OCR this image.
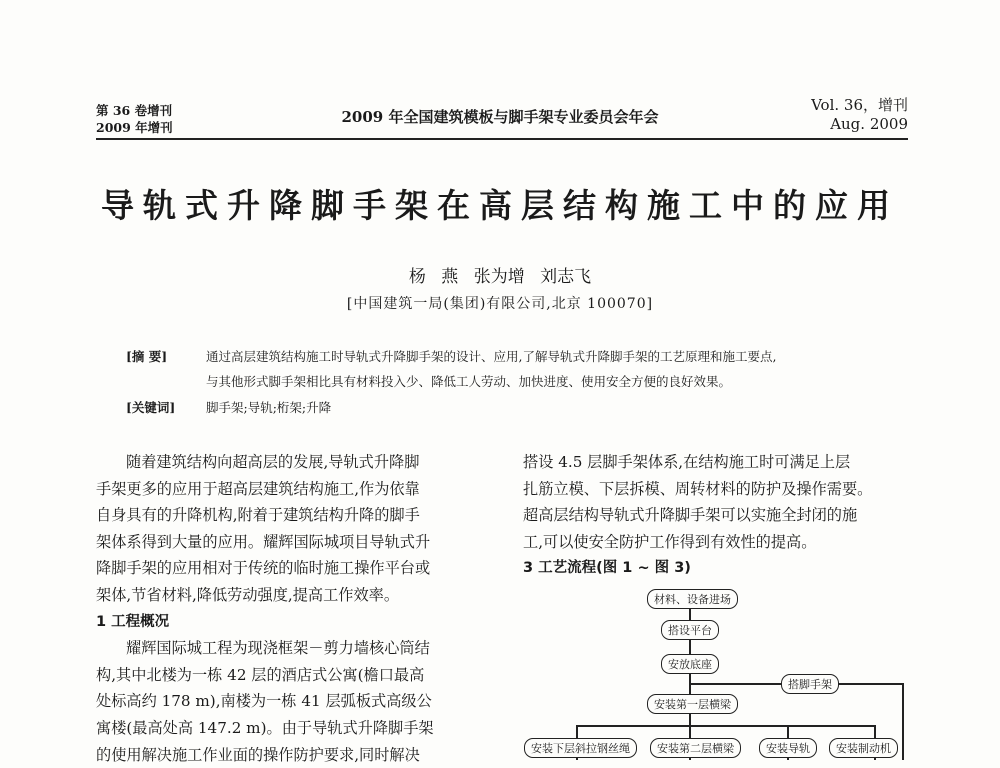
第 36 卷增刊
2009 年增刊
2009 年全国建筑模板与脚手架专业委员会年会
Vol. 36，增刊
Aug. 2009
导轨式升降脚手架在高层结构施工中的应用
杨 燕 张为增 刘志飞
[中国建筑一局(集团)有限公司,北京 100070]
[摘 要]	通过高层建筑结构施工时导轨式升降脚手架的设计、应用,了解导轨式升降脚手架的工艺原理和施工要点,
与其他形式脚手架相比具有材料投入少、降低工人劳动、加快进度、使用安全方便的良好效果。
[关键词] 脚手架;导轨;桁架;升降

随着建筑结构向超高层的发展,导轨式升降脚

手架更多的应用于超高层建筑结构施工,作为依靠

自身具有的升降机构,附着于建筑结构升降的脚手

架体系得到大量的应用。耀辉国际城项目导轨式升

降脚手架的应用相对于传统的临时施工操作平台或

架体,节省材料,降低劳动强度,提高工作效率。

1 工程概况

耀辉国际城工程为现浇框架－剪力墙核心筒结

构,其中北楼为一栋 42 层的酒店式公寓(檐口最高

处标高约 178 m),南楼为一栋 41 层弧板式高级公

寓楼(最高处高 147.2 m)。由于导轨式升降脚手架

的使用解决施工作业面的操作防护要求,同时解决

搭设 4.5 层脚手架体系,在结构施工时可满足上层

扎筋立模、下层拆模、周转材料的防护及操作需要。

超高层结构导轨式升降脚手架可以实施全封闭的施

工,可以使安全防护工作得到有效性的提高。

3 工艺流程(图 1 ~ 图 3)

材料、设备进场
搭设平台
安放底座
搭脚手架
安装第一层横梁
安装下层斜拉钢丝绳	安装第二层横梁	安装导轨	安装制动机
